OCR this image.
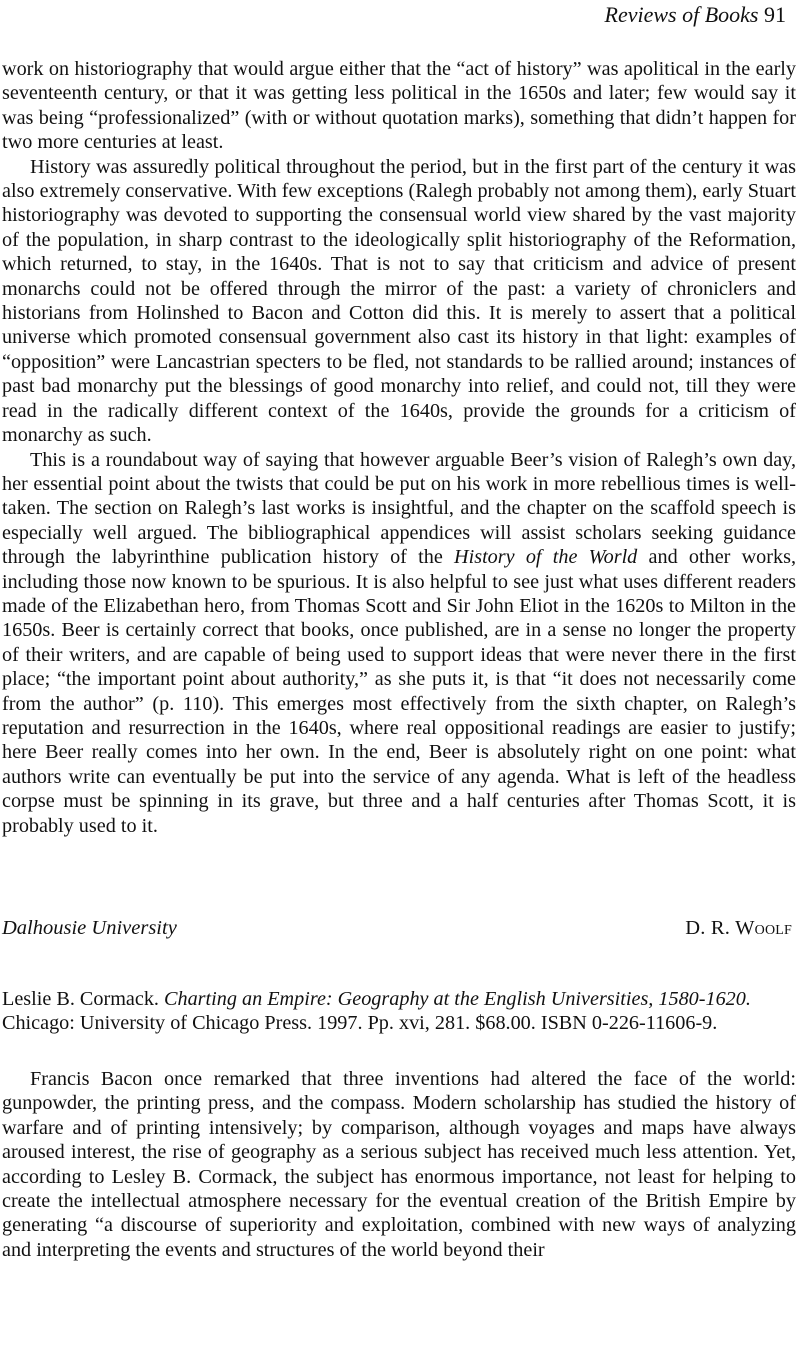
Reviews of Books 91

work on historiography that would argue either that the “act of history” was apolitical in the early seventeenth century, or that it was getting less political in the 1650s and later; few would say it was being “professionalized” (with or without quotation marks), something that didn’t happen for two more centuries at least.

History was assuredly political throughout the period, but in the first part of the century it was also extremely conservative. With few exceptions (Ralegh probably not among them), early Stuart historiography was devoted to supporting the consensual world view shared by the vast majority of the population, in sharp contrast to the ideologically split historiography of the Reformation, which returned, to stay, in the 1640s. That is not to say that criticism and advice of present monarchs could not be offered through the mirror of the past: a variety of chroniclers and historians from Holinshed to Bacon and Cotton did this. It is merely to assert that a political universe which promoted consensual government also cast its history in that light: examples of “opposition” were Lancastrian specters to be fled, not standards to be rallied around; instances of past bad monarchy put the blessings of good monarchy into relief, and could not, till they were read in the radically different context of the 1640s, provide the grounds for a criticism of monarchy as such.

This is a roundabout way of saying that however arguable Beer’s vision of Ralegh’s own day, her essential point about the twists that could be put on his work in more rebellious times is well-taken. The section on Ralegh’s last works is insightful, and the chapter on the scaffold speech is especially well argued. The bibliographical appendices will assist scholars seeking guidance through the labyrinthine publication history of the History of the World and other works, including those now known to be spurious. It is also helpful to see just what uses different readers made of the Elizabethan hero, from Thomas Scott and Sir John Eliot in the 1620s to Milton in the 1650s. Beer is certainly correct that books, once published, are in a sense no longer the property of their writers, and are capable of being used to support ideas that were never there in the first place; “the important point about authority,” as she puts it, is that “it does not necessarily come from the author” (p. 110). This emerges most effectively from the sixth chapter, on Ralegh’s reputation and resurrection in the 1640s, where real oppositional readings are easier to justify; here Beer really comes into her own. In the end, Beer is absolutely right on one point: what authors write can eventually be put into the service of any agenda. What is left of the headless corpse must be spinning in its grave, but three and a half centuries after Thomas Scott, it is probably used to it.

Dalhousie University	D. R. Woolf

Leslie B. Cormack. Charting an Empire: Geography at the English Universities, 1580-1620.
Chicago: University of Chicago Press. 1997. Pp. xvi, 281. $68.00. ISBN 0-226-11606-9.

Francis Bacon once remarked that three inventions had altered the face of the world: gunpowder, the printing press, and the compass. Modern scholarship has studied the history of warfare and of printing intensively; by comparison, although voyages and maps have always aroused interest, the rise of geography as a serious subject has received much less attention. Yet, according to Lesley B. Cormack, the subject has enormous importance, not least for helping to create the intellectual atmosphere necessary for the eventual creation of the British Empire by generating “a discourse of superiority and exploitation, combined with new ways of analyzing and interpreting the events and structures of the world beyond their
